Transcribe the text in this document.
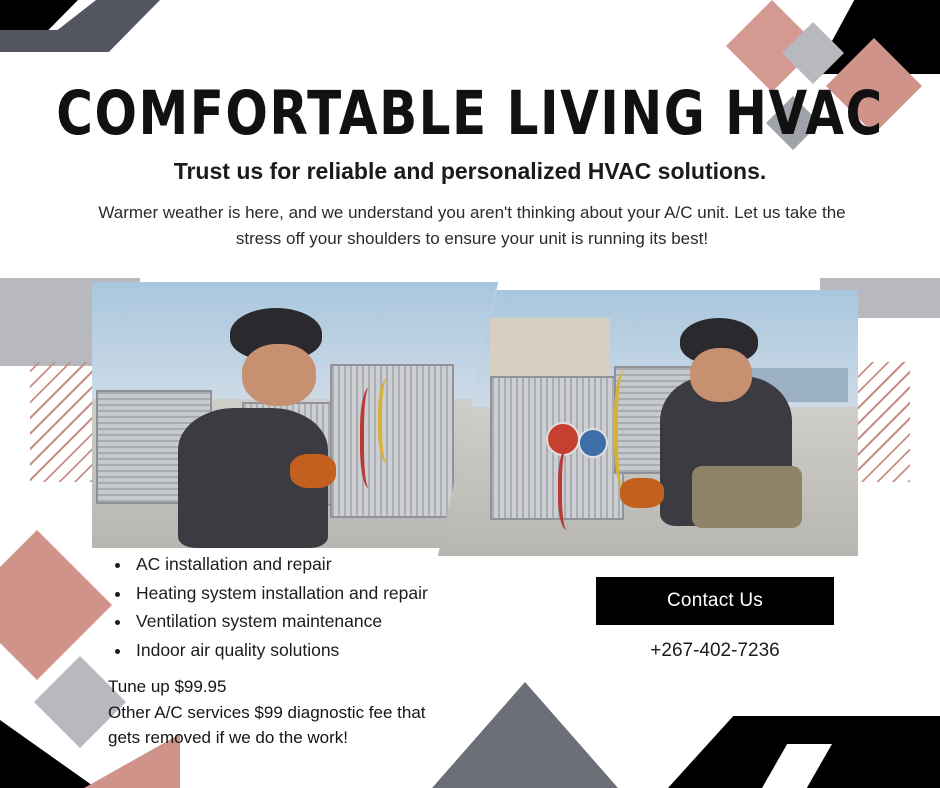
COMFORTABLE LIVING HVAC
Trust us for reliable and personalized HVAC solutions.
Warmer weather is here, and we understand you aren't thinking about your A/C unit. Let us take the stress off your shoulders to ensure your unit is running its best!
• AC installation and repair
• Heating system installation and repair
• Ventilation system maintenance
• Indoor air quality solutions
Contact Us
+267-402-7236
Tune up $99.95
Other A/C services $99 diagnostic fee that
gets removed if we do the work!
